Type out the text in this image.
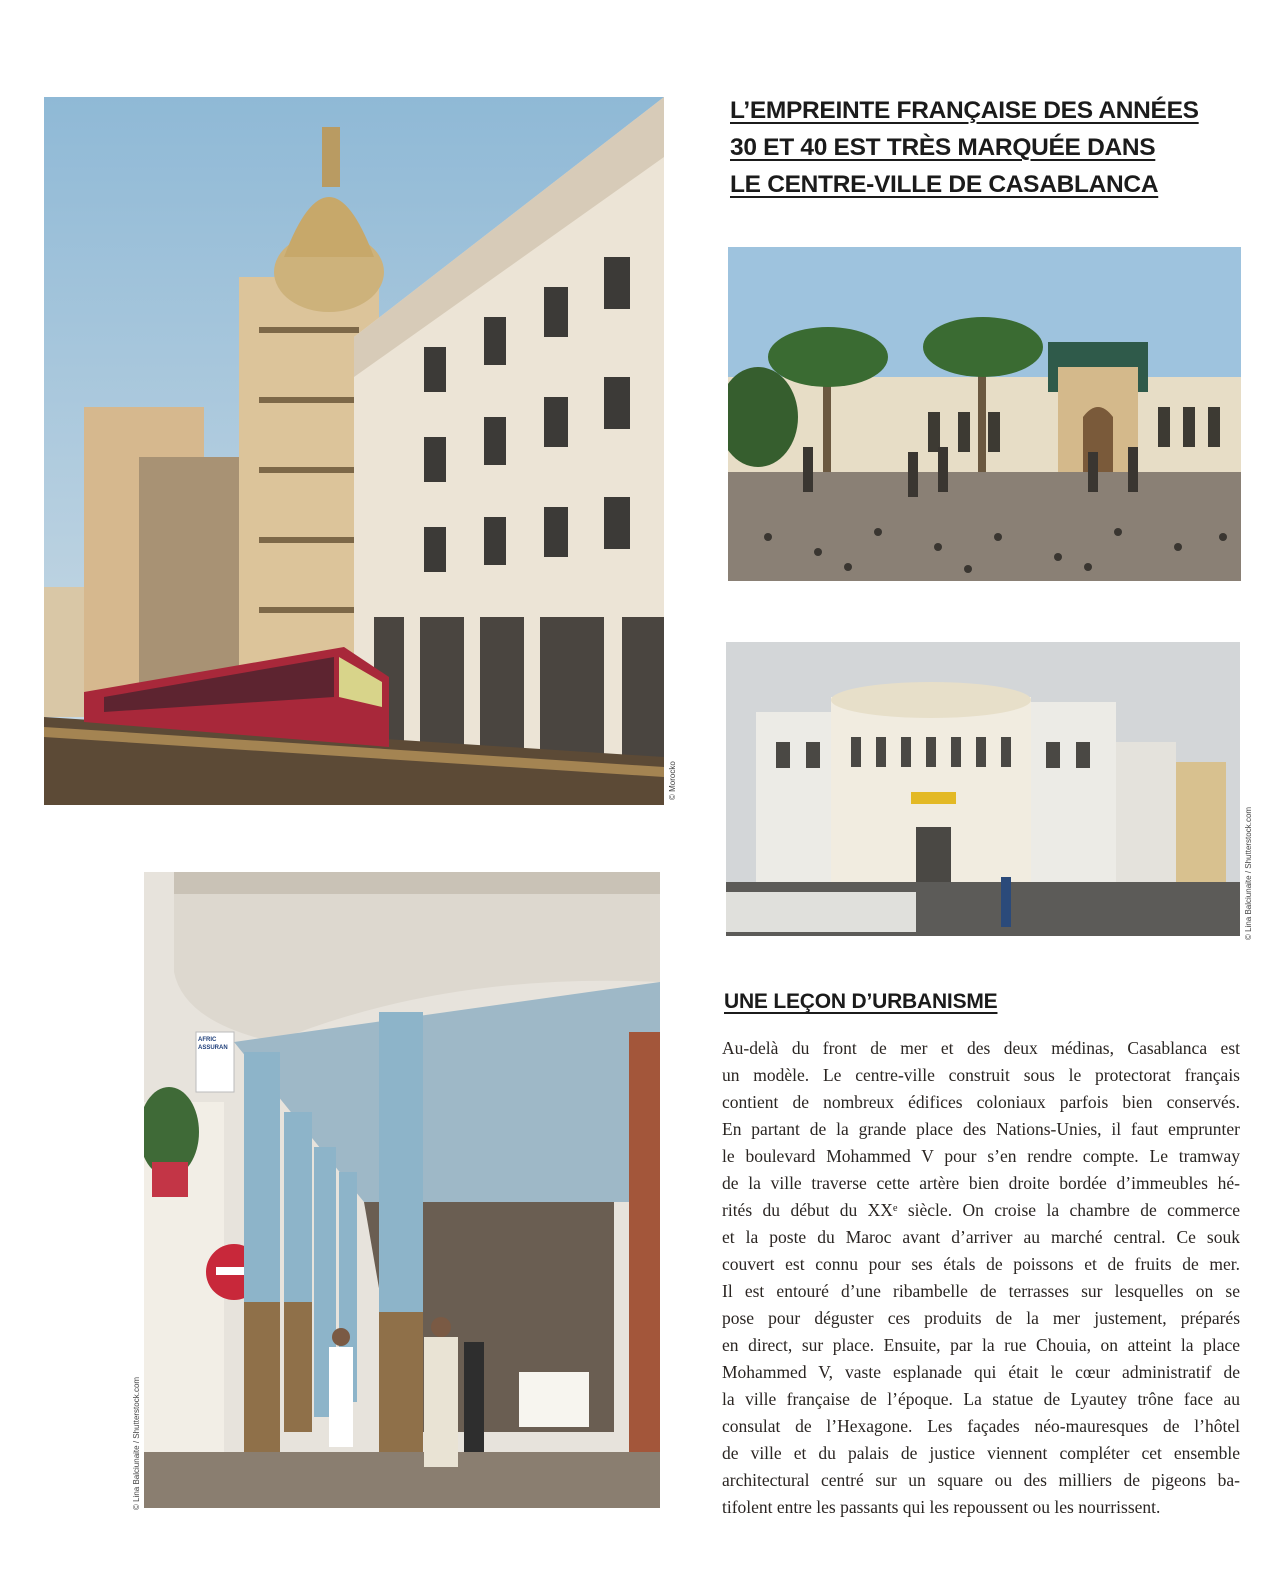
© Morocko
© Lina Balciunaite / Shutterstock.com
© Lina Balciunaite / Shutterstock.com
L’EMPREINTE FRANÇAISE DES ANNÉES
30 ET 40 EST TRÈS MARQUÉE DANS
LE CENTRE-VILLE DE CASABLANCA
UNE LEÇON D’URBANISME
Au-delà du front de mer et des deux médinas, Casablanca est
un modèle. Le centre-ville construit sous le protectorat français
contient de nombreux édifices coloniaux parfois bien conservés.
En partant de la grande place des Nations-Unies, il faut emprunter
le boulevard Mohammed V pour s’en rendre compte. Le tramway
de la ville traverse cette artère bien droite bordée d’immeubles hé-
rités du début du XXᵉ siècle. On croise la chambre de commerce
et la poste du Maroc avant d’arriver au marché central. Ce souk
couvert est connu pour ses étals de poissons et de fruits de mer.
Il est entouré d’une ribambelle de terrasses sur lesquelles on se
pose pour déguster ces produits de la mer justement, préparés
en direct, sur place. Ensuite, par la rue Chouia, on atteint la place
Mohammed V, vaste esplanade qui était le cœur administratif de
la ville française de l’époque. La statue de Lyautey trône face au
consulat de l’Hexagone. Les façades néo-mauresques de l’hôtel
de ville et du palais de justice viennent compléter cet ensemble
architectural centré sur un square ou des milliers de pigeons ba-
tifolent entre les passants qui les repoussent ou les nourrissent.
AFRIC ASSURAN
